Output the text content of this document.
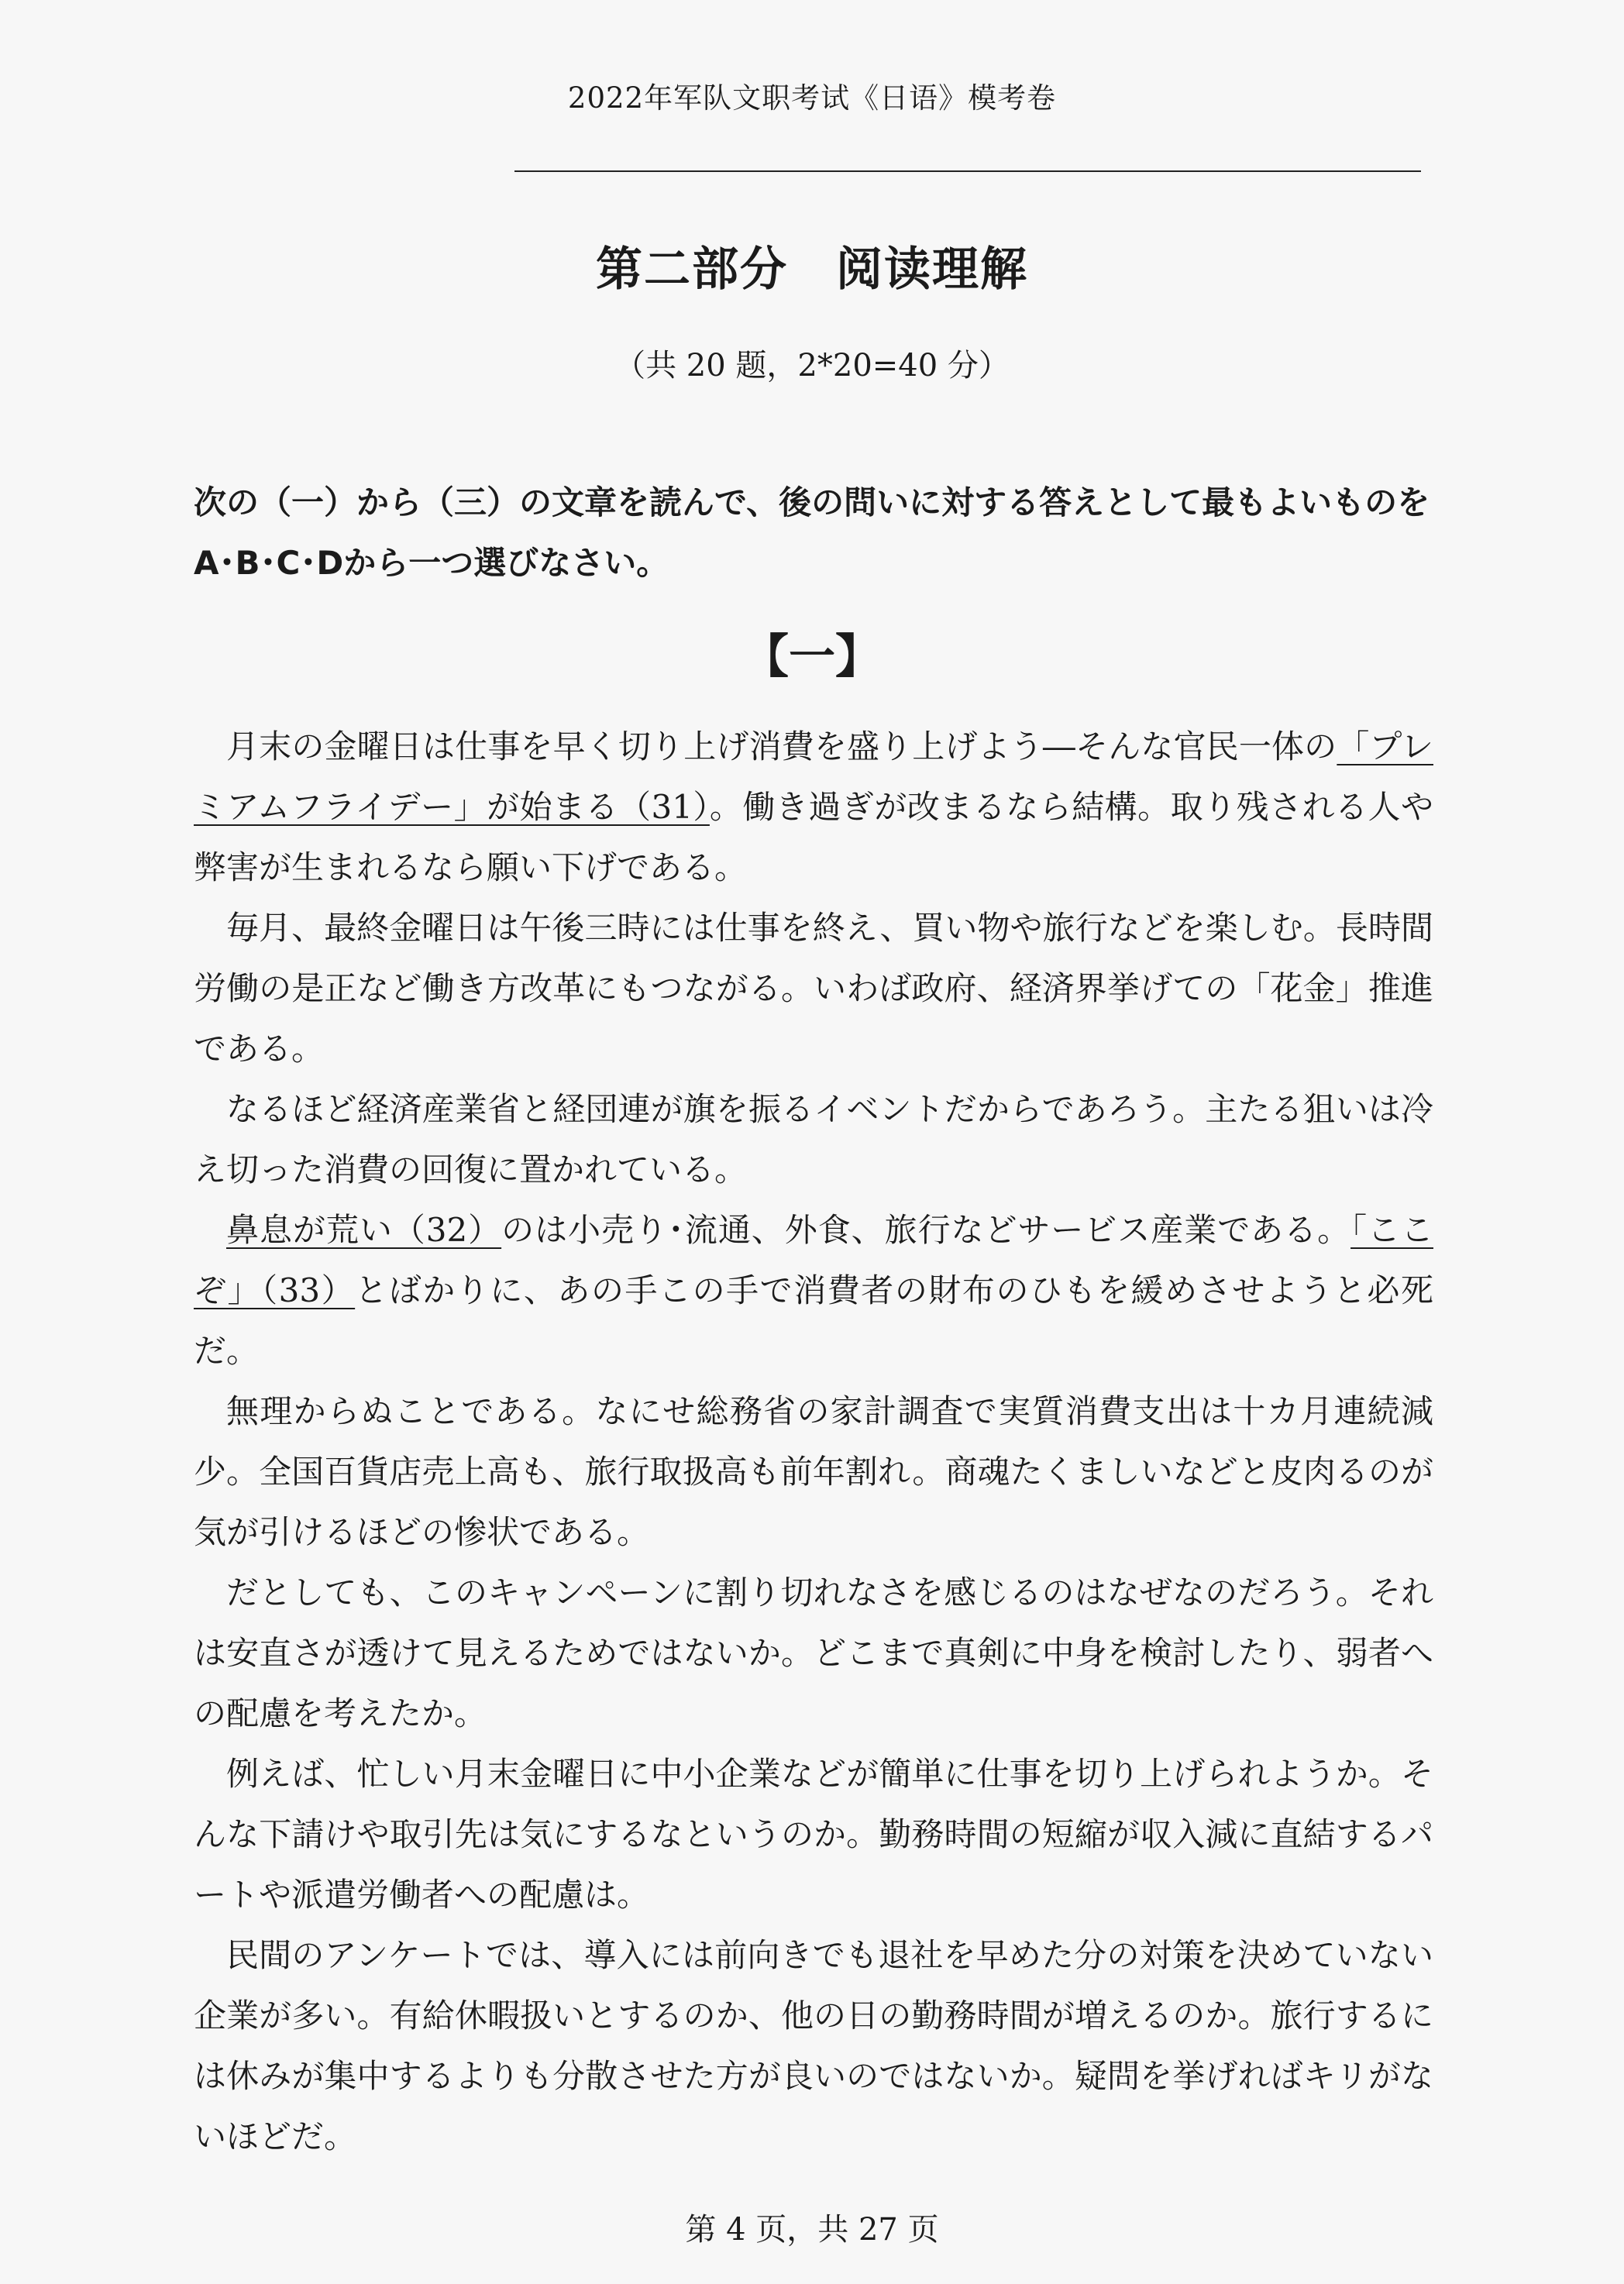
2022年军队文职考试《日语》模考卷
第二部分　阅读理解
（共 20 题，2*20=40 分）
次の（一）から（三）の文章を読んで、後の問いに対する答えとして最もよいものをA･B･C･Dから一つ選びなさい。
【一】

月末の金曜日は仕事を早く切り上げ消費を盛り上げよう―そんな官民一体の「プレミアムフライデー」が始まる（31）。働き過ぎが改まるなら結構。取り残される人や弊害が生まれるなら願い下げである。

毎月、最終金曜日は午後三時には仕事を終え、買い物や旅行などを楽しむ。長時間労働の是正など働き方改革にもつながる。いわば政府、経済界挙げての「花金」推進である。

なるほど経済産業省と経団連が旗を振るイベントだからであろう。主たる狙いは冷え切った消費の回復に置かれている。

鼻息が荒い（32）のは小売り･流通、外食、旅行などサービス産業である。「ここぞ」（33）とばかりに、あの手この手で消費者の財布のひもを緩めさせようと必死だ。

無理からぬことである。なにせ総務省の家計調査で実質消費支出は十カ月連続減少。全国百貨店売上高も、旅行取扱高も前年割れ。商魂たくましいなどと皮肉るのが気が引けるほどの惨状である。

だとしても、このキャンペーンに割り切れなさを感じるのはなぜなのだろう。それは安直さが透けて見えるためではないか。どこまで真剣に中身を検討したり、弱者への配慮を考えたか。

例えば、忙しい月末金曜日に中小企業などが簡単に仕事を切り上げられようか。そんな下請けや取引先は気にするなというのか。勤務時間の短縮が収入減に直結するパートや派遣労働者への配慮は。

民間のアンケートでは、導入には前向きでも退社を早めた分の対策を決めていない企業が多い。有給休暇扱いとするのか、他の日の勤務時間が増えるのか。旅行するには休みが集中するよりも分散させた方が良いのではないか。疑問を挙げればキリがないほどだ。

第 4 页，共 27 页
